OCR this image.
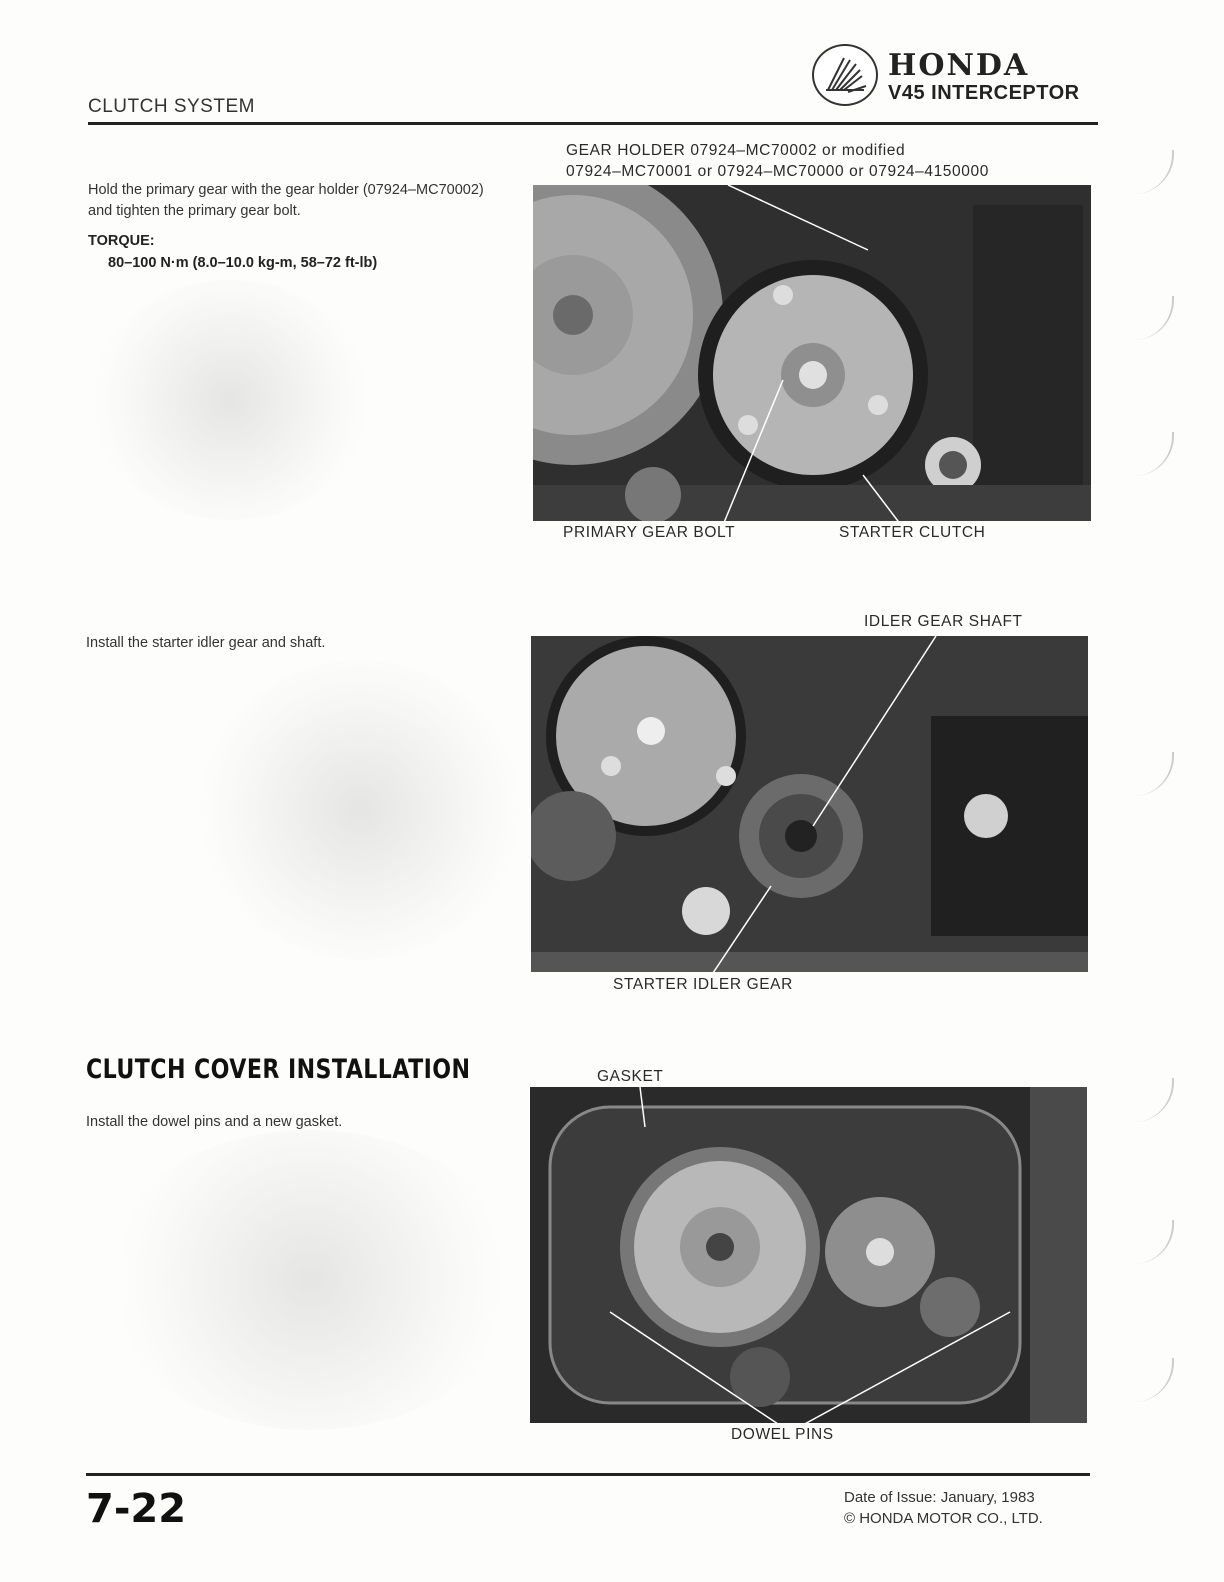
CLUTCH SYSTEM
HONDA
V45 INTERCEPTOR
Hold the primary gear with the gear holder (07924–MC70002) and tighten the primary gear bolt.
TORQUE:
80–100 N·m (8.0–10.0 kg-m, 58–72 ft-lb)
GEAR HOLDER 07924–MC70002 or modified
07924–MC70001 or 07924–MC70000 or 07924–4150000
PRIMARY GEAR BOLT	STARTER CLUTCH
Install the starter idler gear and shaft.
IDLER GEAR SHAFT
STARTER IDLER GEAR
CLUTCH COVER INSTALLATION
Install the dowel pins and a new gasket.
GASKET
DOWEL PINS
7-22	Date of Issue: January, 1983
© HONDA MOTOR CO., LTD.
